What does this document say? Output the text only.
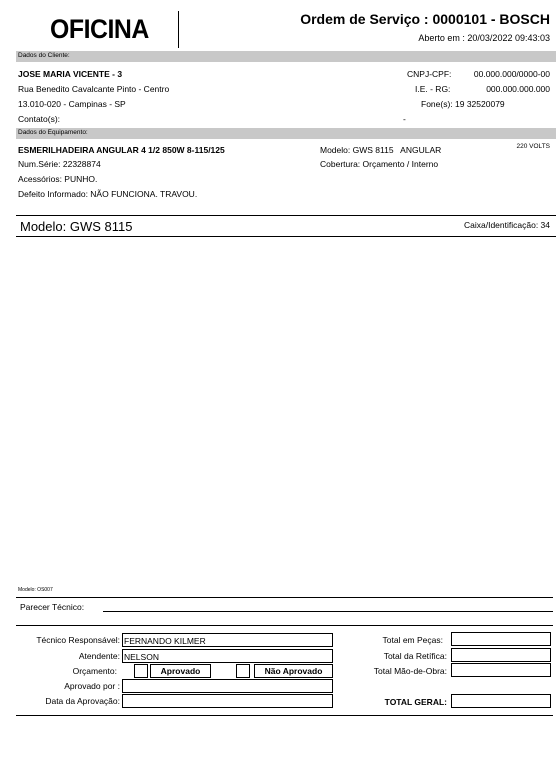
OFICINA	Ordem de Serviço : 0000101 - BOSCH
Aberto em : 20/03/2022 09:43:03
Dados do Cliente:
JOSE MARIA VICENTE - 3
Rua Benedito Cavalcante Pinto - Centro
13.010-020 - Campinas - SP
Contato(s):	-
CNPJ-CPF:	00.000.000/0000-00
I.E. - RG:	000.000.000.000
Fone(s): 19 32520079
Dados do Equipamento:
ESMERILHADEIRA ANGULAR 4 1/2 850W 8-115/125
Num.Série: 22328874
Acessórios: PUNHO.
Defeito Informado: NÃO FUNCIONA. TRAVOU.
Modelo: GWS 8115   ANGULAR
Cobertura: Orçamento / Interno
220 VOLTS
Modelo: GWS 8115	Caixa/Identificação: 34
Modelo: OS007
Parecer Técnico:
Técnico Responsável: FERNANDO KILMER
Atendente: NELSON
Orçamento:	Aprovado	Não Aprovado
Aprovado por :
Data da Aprovação:
Total em Peças:
Total da Retífica:
Total Mão-de-Obra:
TOTAL GERAL:
